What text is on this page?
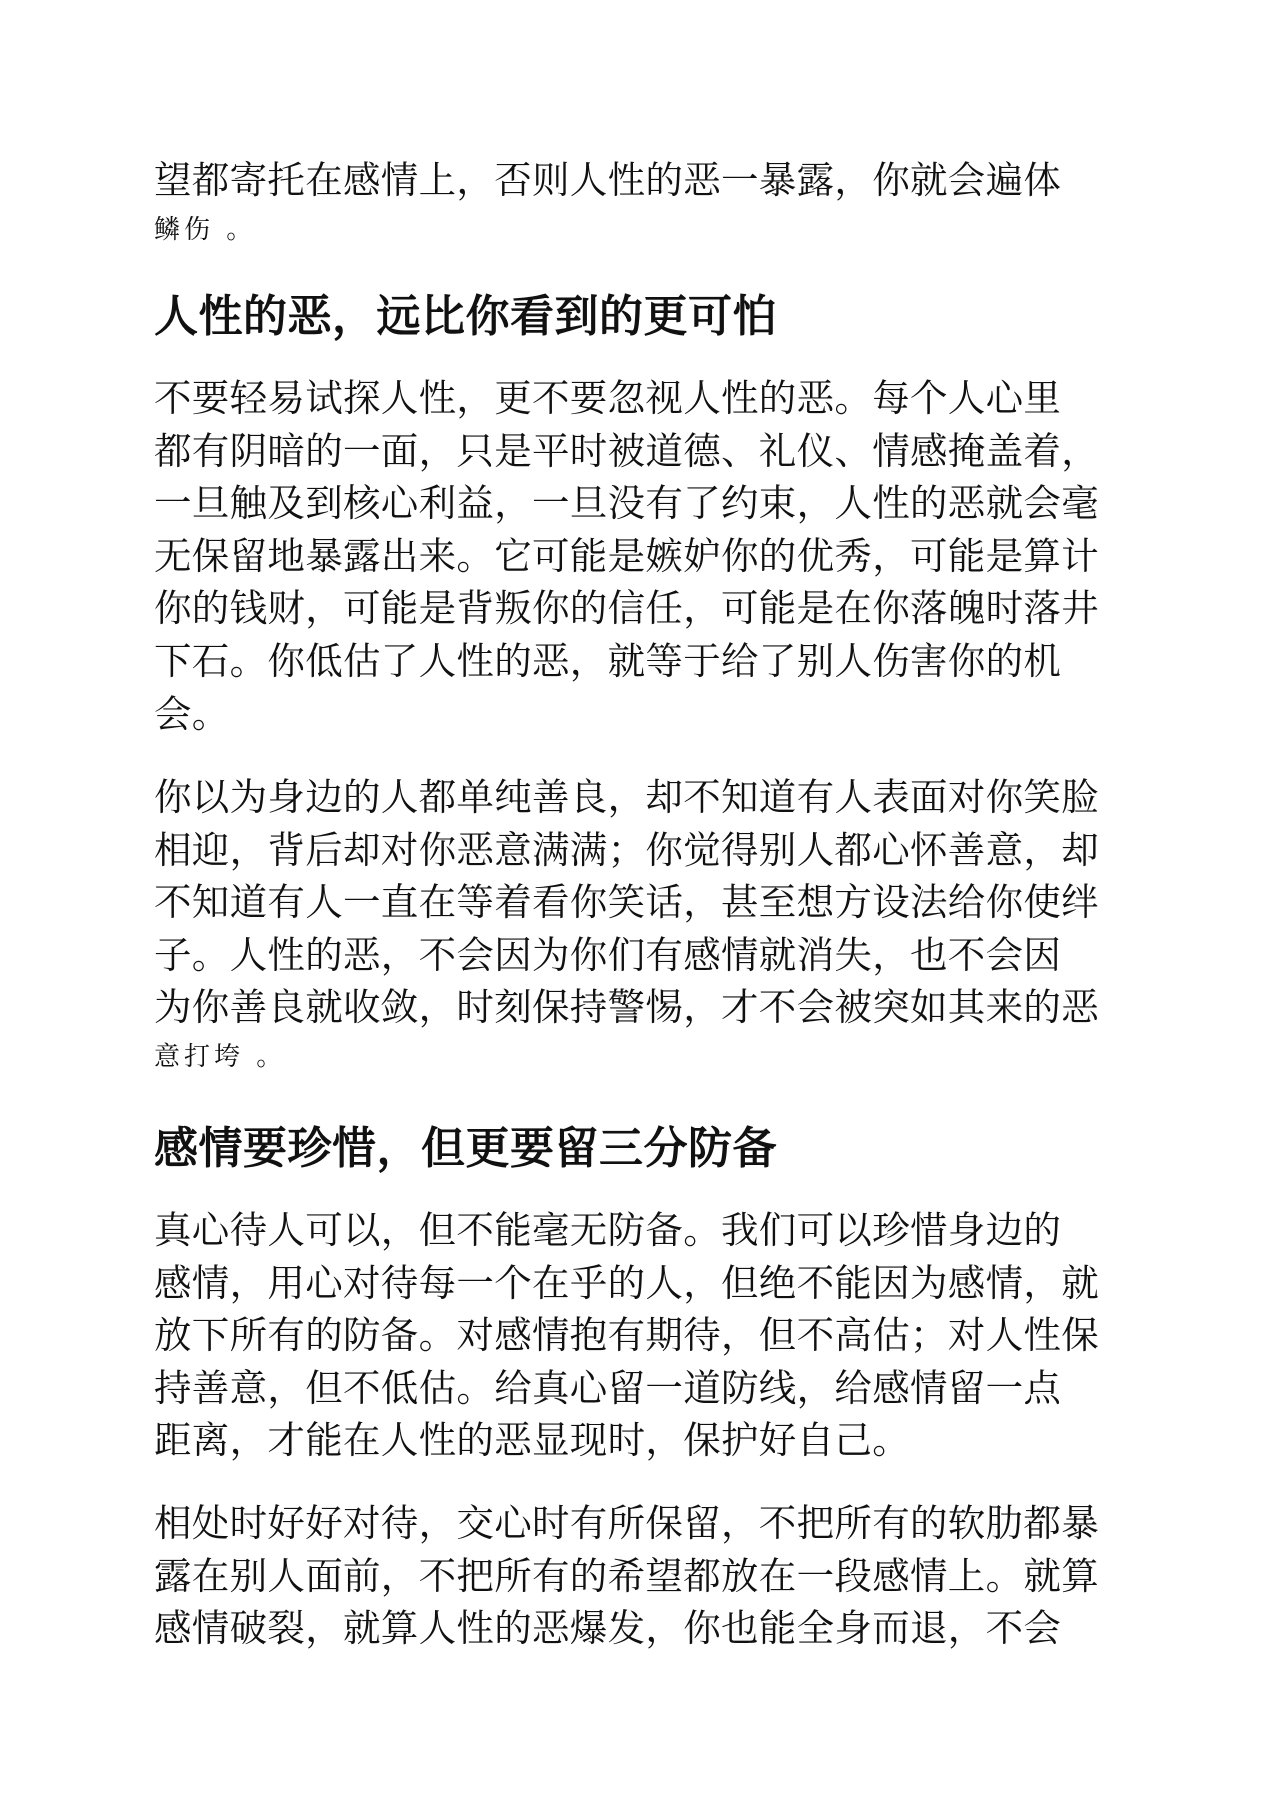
望都寄托在感情上，否则人性的恶一暴露，你就会遍体
鳞伤 。
人性的恶，远比你看到的更可怕
不要轻易试探人性，更不要忽视人性的恶。每个人心里
都有阴暗的一面，只是平时被道德、礼仪、情感掩盖着，
一旦触及到核心利益，一旦没有了约束，人性的恶就会毫
无保留地暴露出来。它可能是嫉妒你的优秀，可能是算计
你的钱财，可能是背叛你的信任，可能是在你落魄时落井
下石。你低估了人性的恶，就等于给了别人伤害你的机
会。
你以为身边的人都单纯善良，却不知道有人表面对你笑脸
相迎，背后却对你恶意满满；你觉得别人都心怀善意，却
不知道有人一直在等着看你笑话，甚至想方设法给你使绊
子。人性的恶，不会因为你们有感情就消失，也不会因
为你善良就收敛，时刻保持警惕，才不会被突如其来的恶
意打垮 。
感情要珍惜，但更要留三分防备
真心待人可以，但不能毫无防备。我们可以珍惜身边的
感情，用心对待每一个在乎的人，但绝不能因为感情，就
放下所有的防备。对感情抱有期待，但不高估；对人性保
持善意，但不低估。给真心留一道防线，给感情留一点
距离，才能在人性的恶显现时，保护好自己。
相处时好好对待，交心时有所保留，不把所有的软肋都暴
露在别人面前，不把所有的希望都放在一段感情上。就算
感情破裂，就算人性的恶爆发，你也能全身而退，不会
